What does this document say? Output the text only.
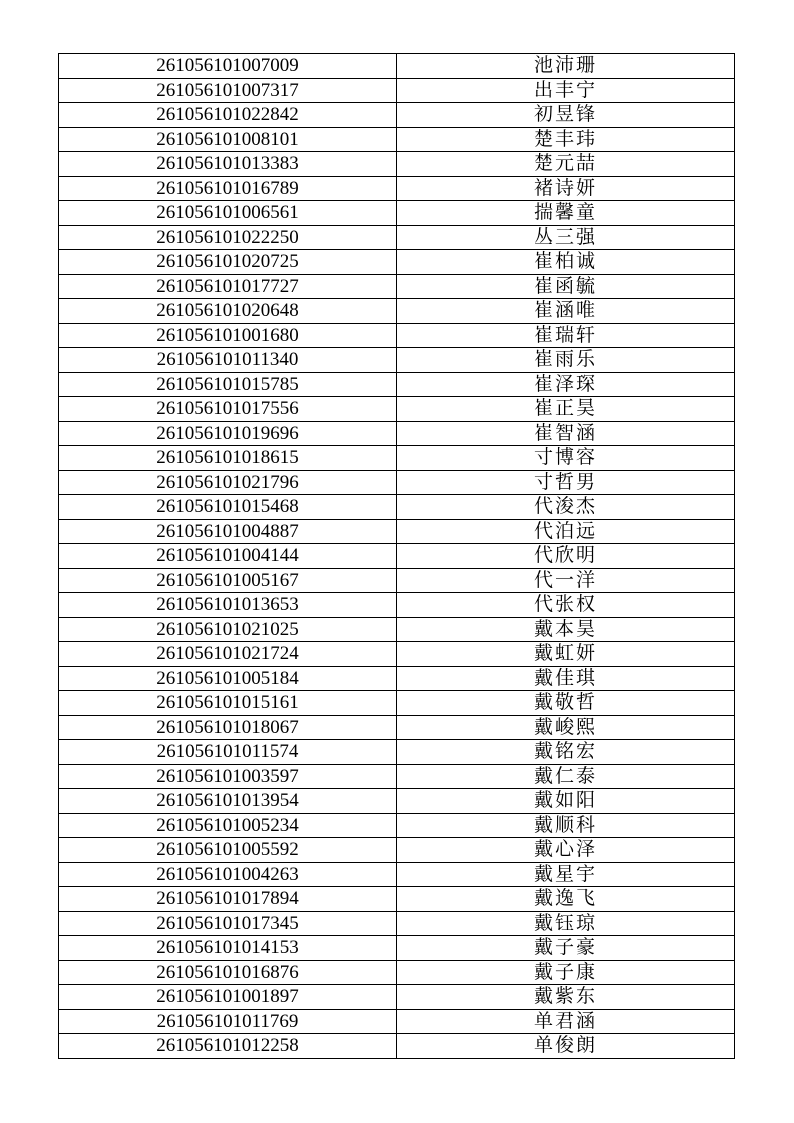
261056101007009	池沛珊
261056101007317	出丰宁
261056101022842	初昱锋
261056101008101	楚丰玮
261056101013383	楚元喆
261056101016789	褚诗妍
261056101006561	揣馨童
261056101022250	丛三强
261056101020725	崔柏诚
261056101017727	崔函毓
261056101020648	崔涵唯
261056101001680	崔瑞轩
261056101011340	崔雨乐
261056101015785	崔泽琛
261056101017556	崔正昊
261056101019696	崔智涵
261056101018615	寸博容
261056101021796	寸哲男
261056101015468	代浚杰
261056101004887	代泊远
261056101004144	代欣明
261056101005167	代一洋
261056101013653	代张权
261056101021025	戴本昊
261056101021724	戴虹妍
261056101005184	戴佳琪
261056101015161	戴敬哲
261056101018067	戴峻熙
261056101011574	戴铭宏
261056101003597	戴仁泰
261056101013954	戴如阳
261056101005234	戴顺科
261056101005592	戴心泽
261056101004263	戴星宇
261056101017894	戴逸飞
261056101017345	戴钰琼
261056101014153	戴子豪
261056101016876	戴子康
261056101001897	戴紫东
261056101011769	单君涵
261056101012258	单俊朗
